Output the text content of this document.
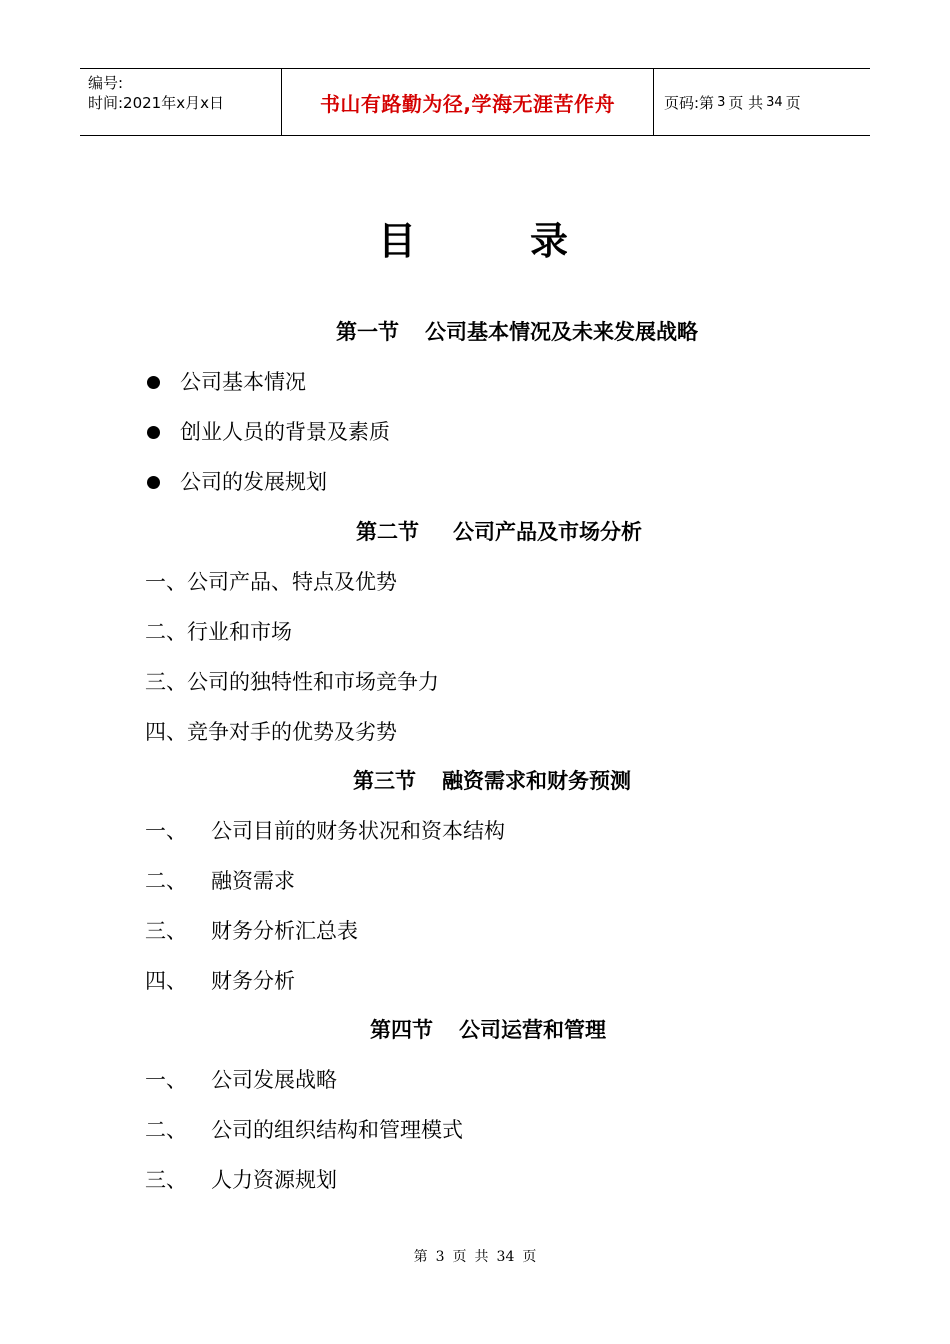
编号:
时间:2021年x月x日	书山有路勤为径,学海无涯苦作舟	页码:第 3 页 共 34 页
目	录
第一节 公司基本情况及未来发展战略
公司基本情况
创业人员的背景及素质
公司的发展规划
第二节 公司产品及市场分析
一、公司产品、特点及优势
二、行业和市场
三、公司的独特性和市场竞争力
四、竞争对手的优势及劣势
第三节 融资需求和财务预测
一、 公司目前的财务状况和资本结构
二、 融资需求
三、 财务分析汇总表
四、 财务分析
第四节 公司运营和管理
一、 公司发展战略
二、 公司的组织结构和管理模式
三、 人力资源规划
第 3 页 共 34 页
